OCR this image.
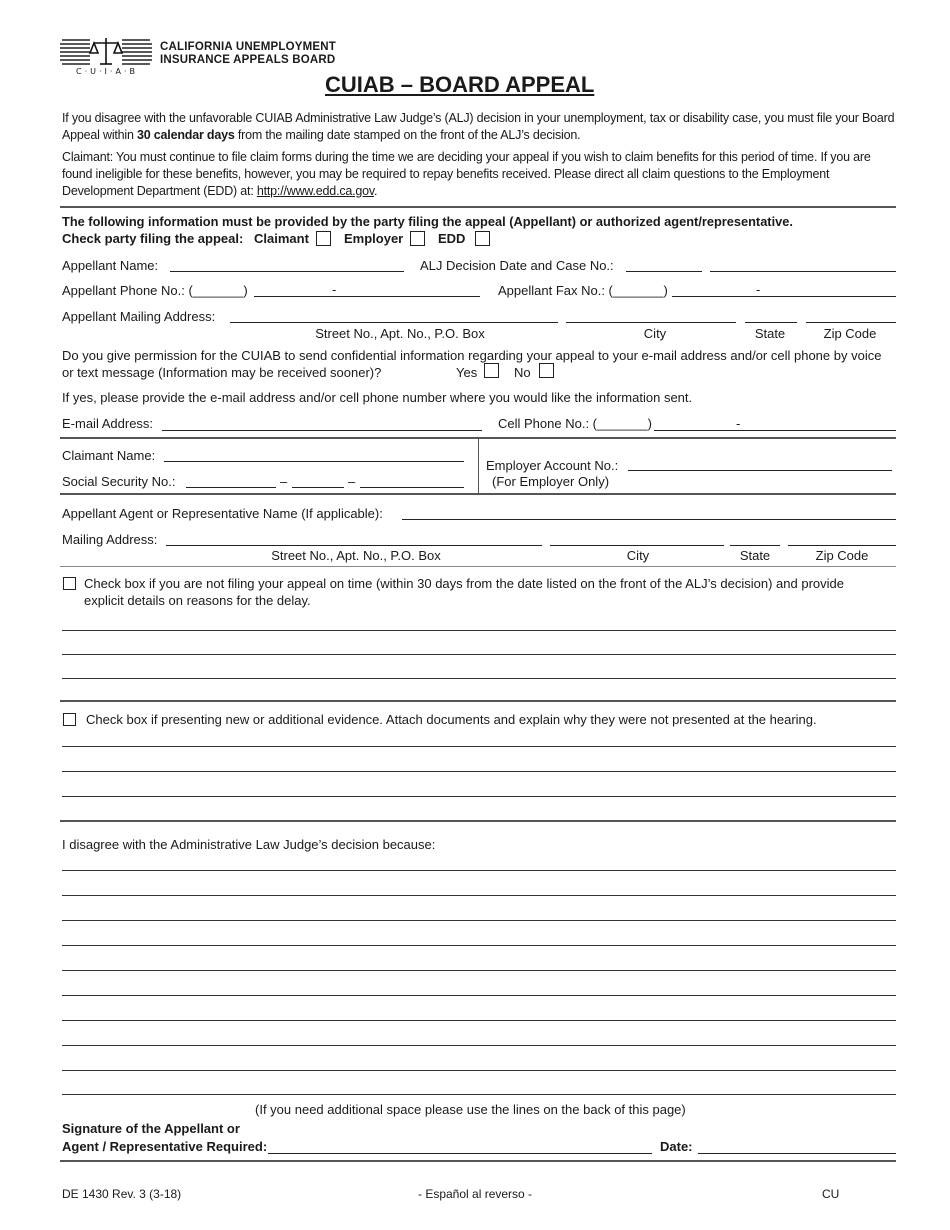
C·U·I·A·B
CALIFORNIA UNEMPLOYMENT
INSURANCE APPEALS BOARD
CUIAB – BOARD APPEAL
If you disagree with the unfavorable CUIAB Administrative Law Judge’s (ALJ) decision in your unemployment, tax or disability case, you must file your Board Appeal within 30 calendar days from the mailing date stamped on the front of the ALJ’s decision.
Claimant: You must continue to file claim forms during the time we are deciding your appeal if you wish to claim benefits for this period of time. If you are found ineligible for these benefits, however, you may be required to repay benefits received. Please direct all claim questions to the Employment Development Department (EDD) at: http://www.edd.ca.gov.
The following information must be provided by the party filing the appeal (Appellant) or authorized agent/representative.
Check party filing the appeal: Claimant	Employer	EDD
Appellant Name:	ALJ Decision Date and Case No.:
Appellant Phone No.: (_______)	-	Appellant Fax No.: (_______)	-
Appellant Mailing Address:
Street No., Apt. No., P.O. Box	City	State	Zip Code
Do you give permission for the CUIAB to send confidential information regarding your appeal to your e-mail address and/or cell phone by voice or text message (Information may be received sooner)?	Yes	No
If yes, please provide the e-mail address and/or cell phone number where you would like the information sent.
E-mail Address:	Cell Phone No.: (_______)	-
Claimant Name:
Social Security No.:	–	–
Employer Account No.:
(For Employer Only)
Appellant Agent or Representative Name (If applicable):
Mailing Address:
Street No., Apt. No., P.O. Box	City	State	Zip Code
Check box if you are not filing your appeal on time (within 30 days from the date listed on the front of the ALJ’s decision) and provide explicit details on reasons for the delay.
Check box if presenting new or additional evidence. Attach documents and explain why they were not presented at the hearing.
I disagree with the Administrative Law Judge’s decision because:
(If you need additional space please use the lines on the back of this page)
Signature of the Appellant or
Agent / Representative Required:	Date:
DE 1430 Rev. 3 (3-18)	- Español al reverso -	CU
